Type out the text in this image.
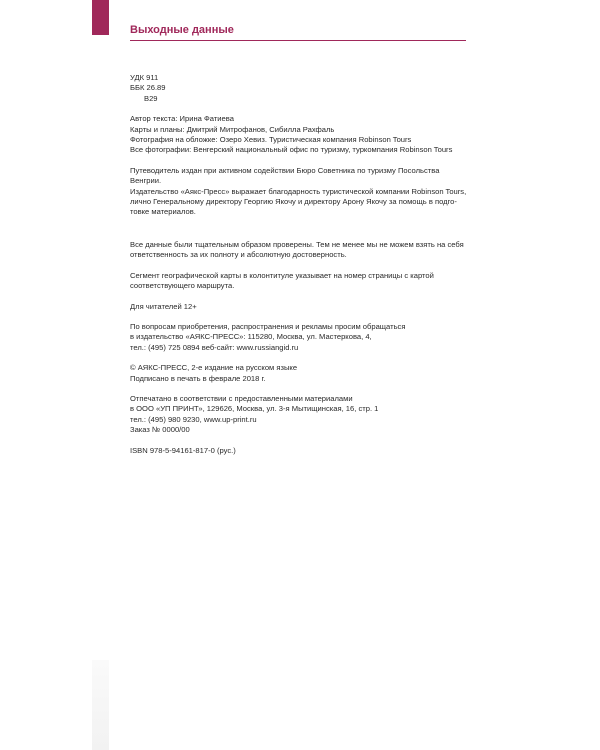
Выходные данные

УДК 911

ББК 26.89

В29

Автор текста: Ирина Фатиева

Карты и планы: Дмитрий Митрофанов, Сибилла Рахфаль

Фотография на обложке: Озеро Хевиз. Туристическая компания Robinson Tours

Все фотографии: Венгерский национальный офис по туризму, туркомпания Robinson Tours

Путеводитель издан при активном содействии Бюро Советника по туризму Посольства Венгрии.

Издательство «Аякс-Пресс» выражает благодарность туристической компании Robinson Tours, лично Генеральному директору Георгию Якочу и директору Арону Якочу за помощь в подго- товке материалов.

Все данные были тщательным образом проверены. Тем не менее мы не можем взять на себя ответственность за их полноту и абсолютную достоверность.

Сегмент географической карты в колонтитуле указывает на номер страницы с картой соответствующего маршрута.

Для читателей 12+

По вопросам приобретения, распространения и рекламы просим обращаться

в издательство «АЯКС-ПРЕСС»: 115280, Москва, ул. Мастеркова, 4,

тел.: (495) 725 0894 веб-сайт: www.russiangid.ru

© АЯКС-ПРЕСС, 2-е издание на русском языке

Подписано в печать в феврале 2018 г.

Отпечатано в соответствии с предоставленными материалами

в ООО «УП ПРИНТ», 129626, Москва, ул. 3-я Мытищинская, 16, стр. 1

тел.: (495) 980 9230, www.up-print.ru

Заказ № 0000/00

ISBN 978-5-94161-817-0 (рус.)
